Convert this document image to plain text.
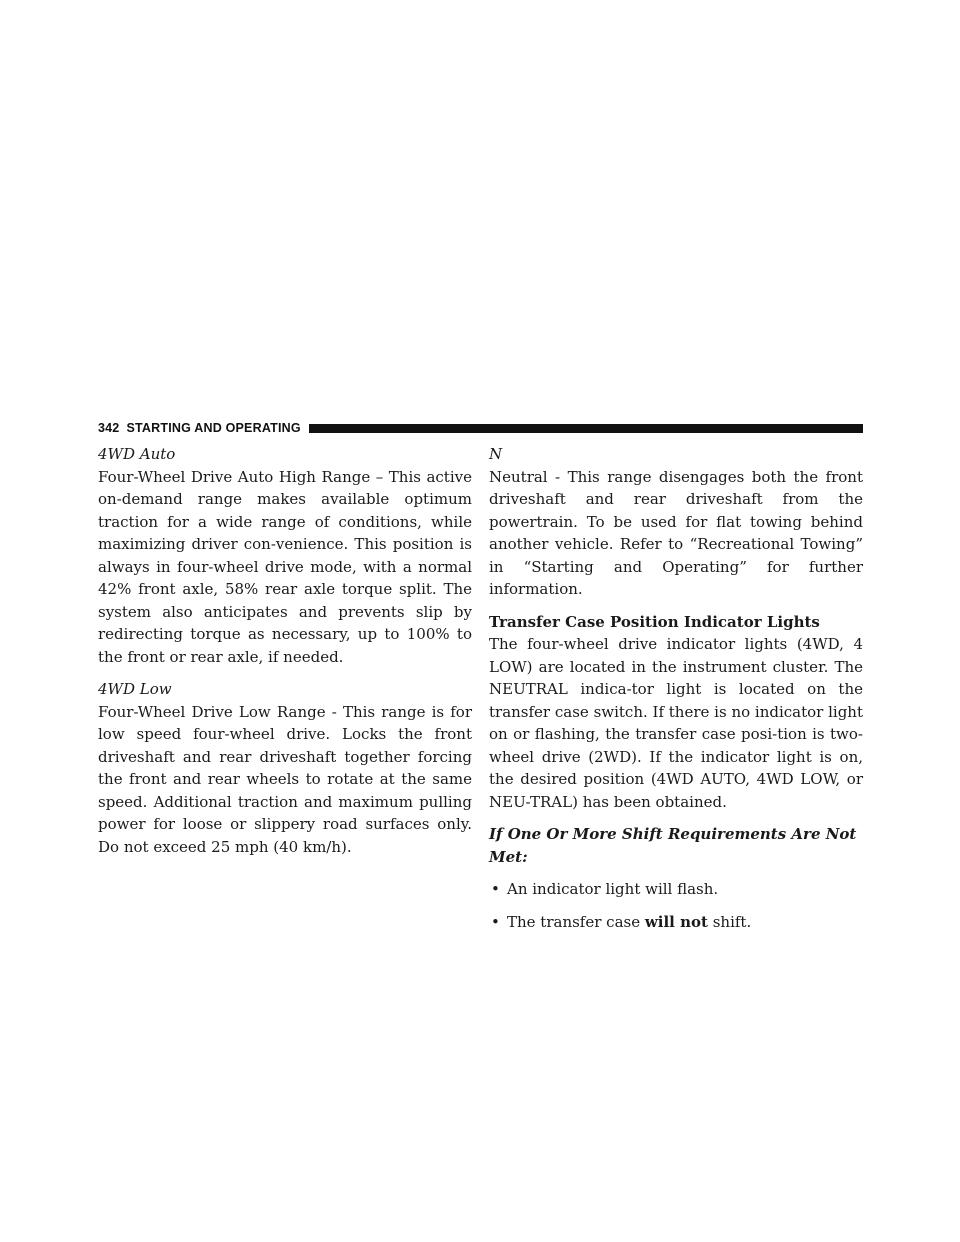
342 STARTING AND OPERATING

4WD Auto

Four-Wheel Drive Auto High Range – This active on-demand range makes available optimum traction for a wide range of conditions, while maximizing driver con-venience. This position is always in four-wheel drive mode, with a normal 42% front axle, 58% rear axle torque split. The system also anticipates and prevents slip by redirecting torque as necessary, up to 100% to the front or rear axle, if needed.

4WD Low

Four-Wheel Drive Low Range - This range is for low speed four-wheel drive. Locks the front driveshaft and rear driveshaft together forcing the front and rear wheels to rotate at the same speed. Additional traction and maximum pulling power for loose or slippery road surfaces only. Do not exceed 25 mph (40 km/h).

N

Neutral - This range disengages both the front driveshaft and rear driveshaft from the powertrain. To be used for flat towing behind another vehicle. Refer to “Recreational Towing” in “Starting and Operating” for further information.

Transfer Case Position Indicator Lights

The four-wheel drive indicator lights (4WD, 4 LOW) are located in the instrument cluster. The NEUTRAL indica-tor light is located on the transfer case switch. If there is no indicator light on or flashing, the transfer case posi-tion is two-wheel drive (2WD). If the indicator light is on, the desired position (4WD AUTO, 4WD LOW, or NEU-TRAL) has been obtained.

If One Or More Shift Requirements Are Not Met:

• An indicator light will flash.
• The transfer case will not shift.
